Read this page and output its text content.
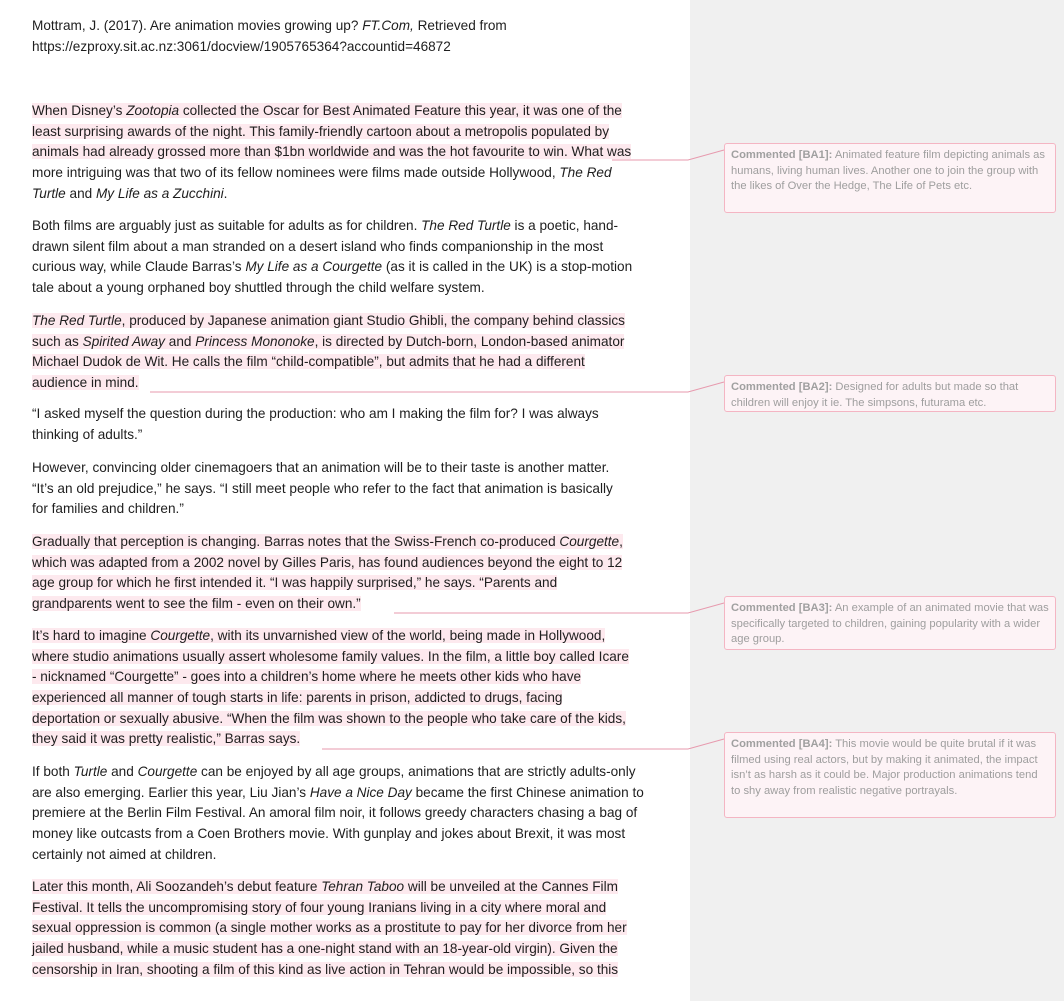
Mottram, J. (2017). Are animation movies growing up? FT.Com, Retrieved from
https://ezproxy.sit.ac.nz:3061/docview/1905765364?accountid=46872
When Disney’s Zootopia collected the Oscar for Best Animated Feature this year, it was one of the
least surprising awards of the night. This family-friendly cartoon about a metropolis populated by
animals had already grossed more than $1bn worldwide and was the hot favourite to win. What was
more intriguing was that two of its fellow nominees were films made outside Hollywood, The Red
Turtle and My Life as a Zucchini.
Both films are arguably just as suitable for adults as for children. The Red Turtle is a poetic, hand-
drawn silent film about a man stranded on a desert island who finds companionship in the most
curious way, while Claude Barras’s My Life as a Courgette (as it is called in the UK) is a stop-motion
tale about a young orphaned boy shuttled through the child welfare system.
The Red Turtle, produced by Japanese animation giant Studio Ghibli, the company behind classics
such as Spirited Away and Princess Mononoke, is directed by Dutch-born, London-based animator
Michael Dudok de Wit. He calls the film “child-compatible”, but admits that he had a different
audience in mind.
“I asked myself the question during the production: who am I making the film for? I was always
thinking of adults.”
However, convincing older cinemagoers that an animation will be to their taste is another matter.
“It’s an old prejudice,” he says. “I still meet people who refer to the fact that animation is basically
for families and children.”
Gradually that perception is changing. Barras notes that the Swiss-French co-produced Courgette,
which was adapted from a 2002 novel by Gilles Paris, has found audiences beyond the eight to 12
age group for which he first intended it. “I was happily surprised,” he says. “Parents and
grandparents went to see the film - even on their own.”
It’s hard to imagine Courgette, with its unvarnished view of the world, being made in Hollywood,
where studio animations usually assert wholesome family values. In the film, a little boy called Icare
- nicknamed “Courgette” - goes into a children’s home where he meets other kids who have
experienced all manner of tough starts in life: parents in prison, addicted to drugs, facing
deportation or sexually abusive. “When the film was shown to the people who take care of the kids,
they said it was pretty realistic,” Barras says.
If both Turtle and Courgette can be enjoyed by all age groups, animations that are strictly adults-only
are also emerging. Earlier this year, Liu Jian’s Have a Nice Day became the first Chinese animation to
premiere at the Berlin Film Festival. An amoral film noir, it follows greedy characters chasing a bag of
money like outcasts from a Coen Brothers movie. With gunplay and jokes about Brexit, it was most
certainly not aimed at children.
Later this month, Ali Soozandeh’s debut feature Tehran Taboo will be unveiled at the Cannes Film
Festival. It tells the uncompromising story of four young Iranians living in a city where moral and
sexual oppression is common (a single mother works as a prostitute to pay for her divorce from her
jailed husband, while a music student has a one-night stand with an 18-year-old virgin). Given the
censorship in Iran, shooting a film of this kind as live action in Tehran would be impossible, so this
Commented [BA1]: Animated feature film depicting animals as humans, living human lives. Another one to join the group with the likes of Over the Hedge, The Life of Pets etc.
Commented [BA2]: Designed for adults but made so that children will enjoy it ie. The simpsons, futurama etc.
Commented [BA3]: An example of an animated movie that was specifically targeted to children, gaining popularity with a wider age group.
Commented [BA4]: This movie would be quite brutal if it was filmed using real actors, but by making it animated, the impact isn’t as harsh as it could be. Major production animations tend to shy away from realistic negative portrayals.
